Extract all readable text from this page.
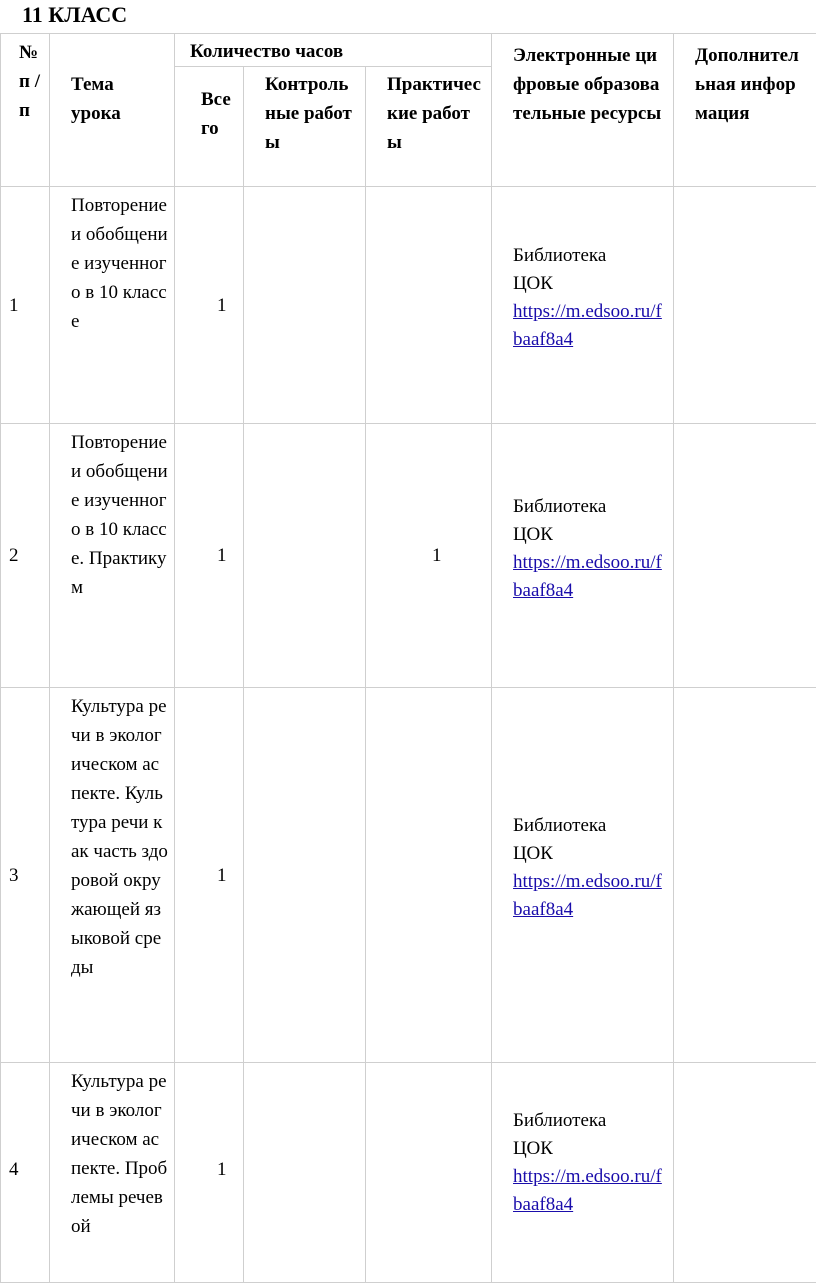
11 КЛАСС
№ п / п	Тема урока	Количество часов			Электронные цифровые образовательные ресурсы	Дополнительная информация
		Всего	Контрольные работы	Практические работы		
1	Повторение и обобщение изученного в 10 классе	1			Библиотека ЦОК
https://m.edsoo.ru/fbaaf8a4	
2	Повторение и обобщение изученного в 10 классе. Практикум	1		1	Библиотека ЦОК
https://m.edsoo.ru/fbaaf8a4	
3	Культура речи в экологическом аспекте. Культура речи как часть здоровой окружающей языковой среды	1			Библиотека ЦОК
https://m.edsoo.ru/fbaaf8a4	
4	Культура речи в экологическом аспекте. Проблемы речевой	1			Библиотека ЦОК
https://m.edsoo.ru/fbaaf8a4	
